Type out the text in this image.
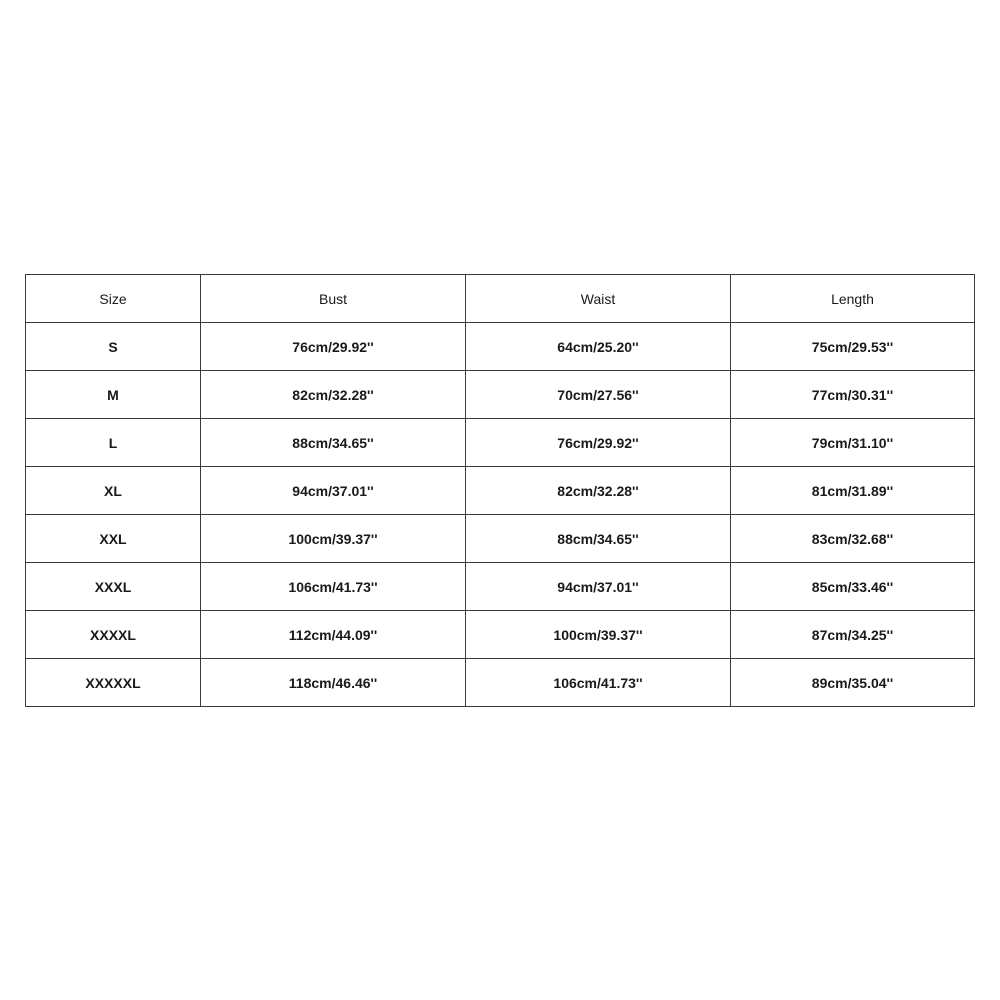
Size	Bust	Waist	Length
S	76cm/29.92''	64cm/25.20''	75cm/29.53''
M	82cm/32.28''	70cm/27.56''	77cm/30.31''
L	88cm/34.65''	76cm/29.92''	79cm/31.10''
XL	94cm/37.01''	82cm/32.28''	81cm/31.89''
XXL	100cm/39.37''	88cm/34.65''	83cm/32.68''
XXXL	106cm/41.73''	94cm/37.01''	85cm/33.46''
XXXXL	112cm/44.09''	100cm/39.37''	87cm/34.25''
XXXXXL	118cm/46.46''	106cm/41.73''	89cm/35.04''
